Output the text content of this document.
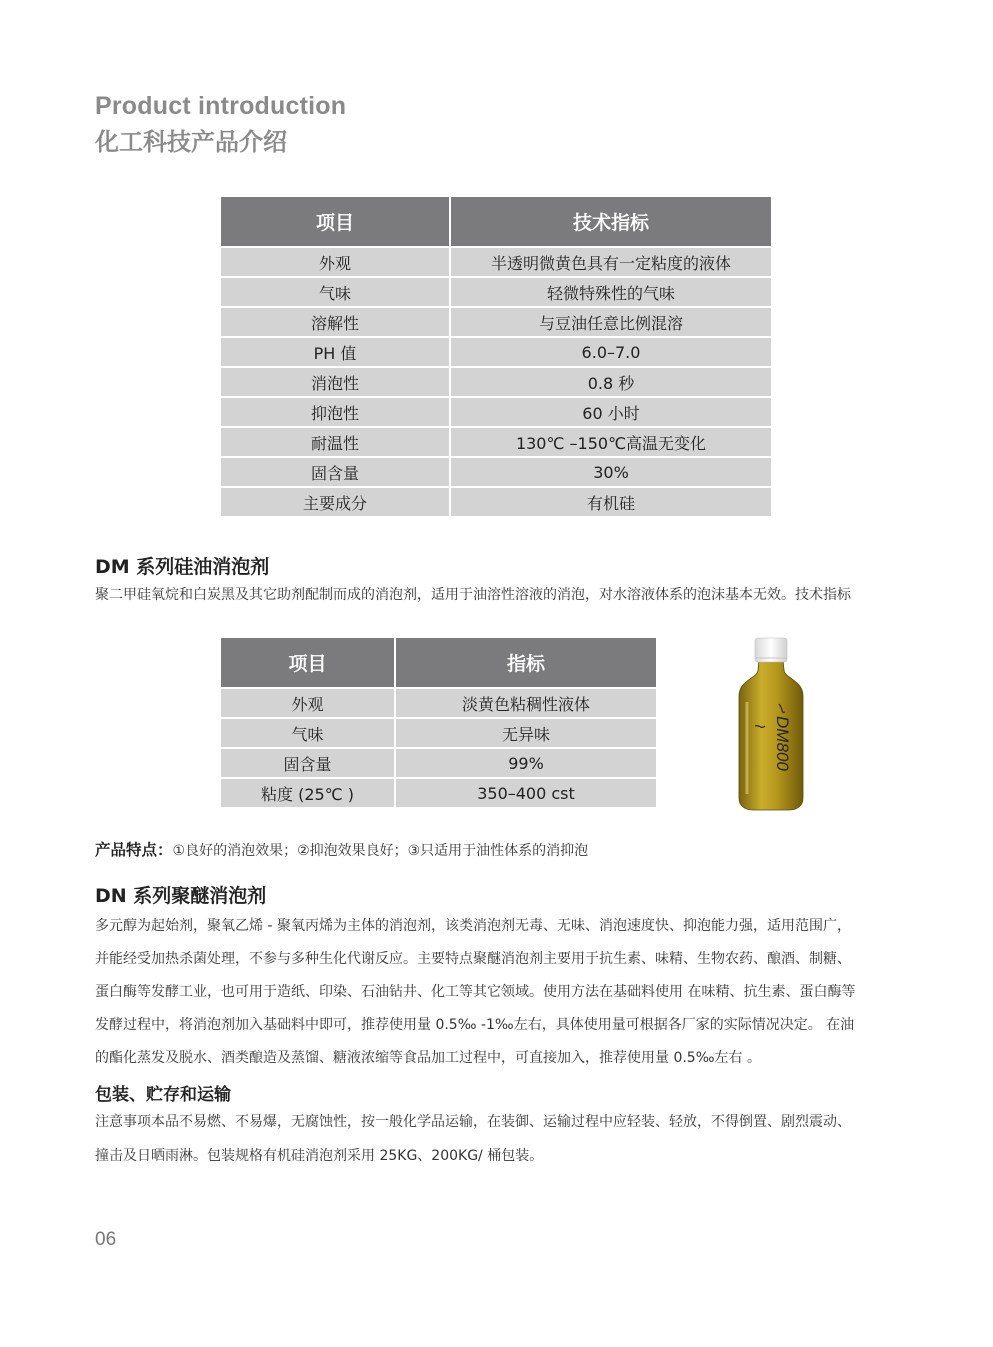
Product introduction
化工科技产品介绍
项目	技术指标
外观	半透明微黄色具有一定粘度的液体
气味	轻微特殊性的气味
溶解性	与豆油任意比例混溶
PH 值	6.0–7.0
消泡性	0.8 秒
抑泡性	60 小时
耐温性	130℃ –150℃高温无变化
固含量	30%
主要成分	有机硅
DM 系列硅油消泡剂

聚二甲硅氧烷和白炭黑及其它助剂配制而成的消泡剂，适用于油溶性溶液的消泡，对水溶液体系的泡沫基本无效。技术指标

项目	指标
外观	淡黄色粘稠性液体
气味	无异味
固含量	99%
粘度 (25℃ )	350–400 cst
DM800

产品特点：①良好的消泡效果；②抑泡效果良好；③只适用于油性体系的消抑泡

DN 系列聚醚消泡剂

多元醇为起始剂，聚氧乙烯 - 聚氧丙烯为主体的消泡剂，该类消泡剂无毒、无味、消泡速度快、抑泡能力强，适用范围广，

并能经受加热杀菌处理，不参与多种生化代谢反应。主要特点聚醚消泡剂主要用于抗生素、味精、生物农药、酿酒、制糖、

蛋白酶等发酵工业，也可用于造纸、印染、石油钻井、化工等其它领域。使用方法在基础料使用 在味精、抗生素、蛋白酶等

发酵过程中，将消泡剂加入基础料中即可，推荐使用量 0.5‰ -1‰左右，具体使用量可根据各厂家的实际情况决定。 在油

的酯化蒸发及脱水、酒类酿造及蒸馏、糖液浓缩等食品加工过程中，可直接加入，推荐使用量 0.5‰左右 。

包装、贮存和运输

注意事项本品不易燃、不易爆，无腐蚀性，按一般化学品运输，在装御、运输过程中应轻装、轻放，不得倒置、剧烈震动、

撞击及日晒雨淋。包装规格有机硅消泡剂采用 25KG、200KG/ 桶包装。

06
